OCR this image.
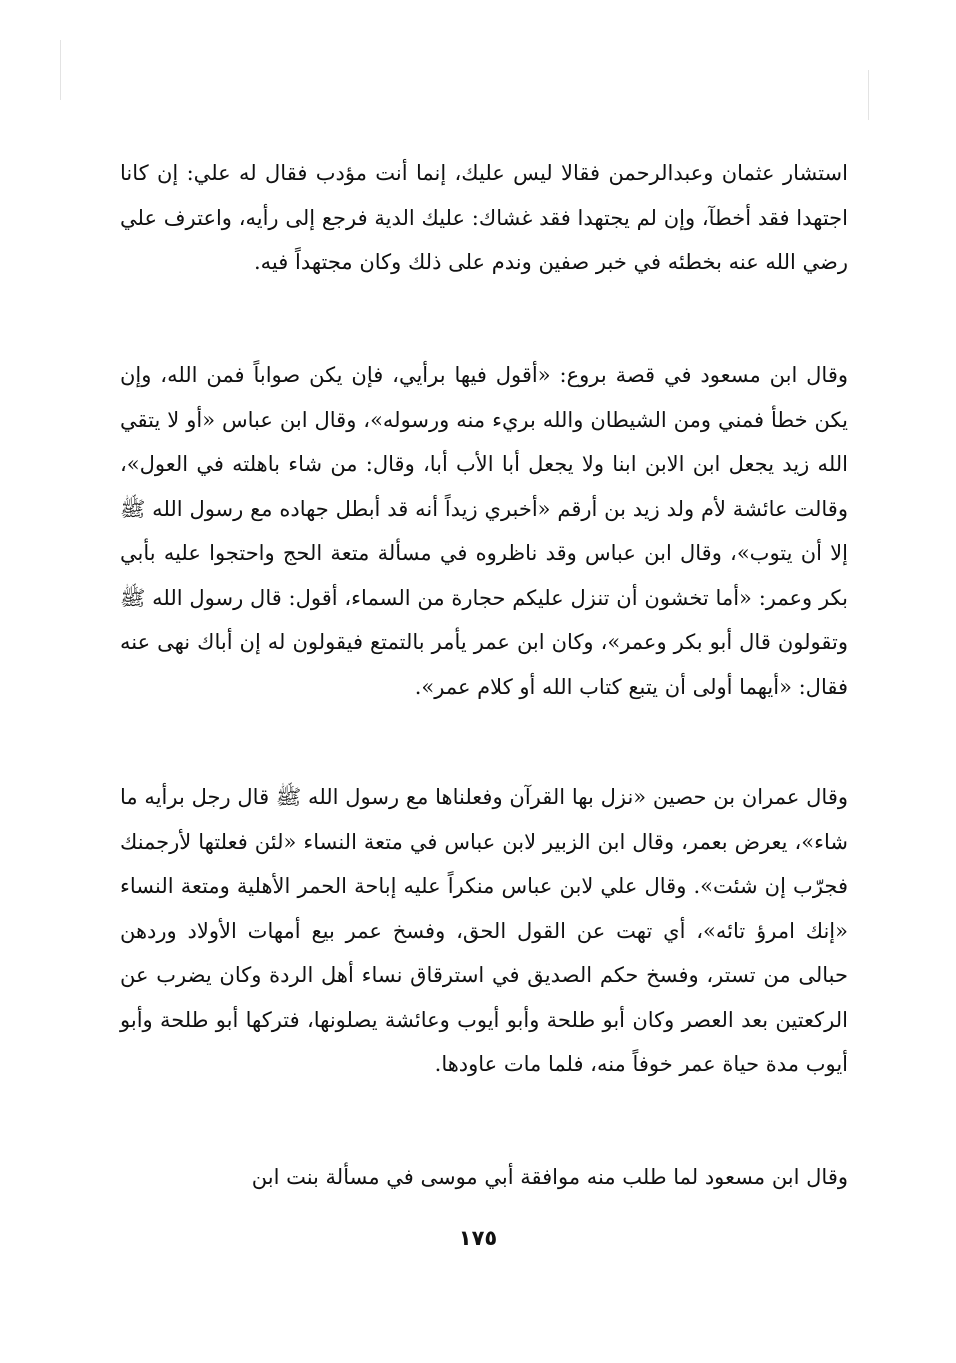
استشار عثمان وعبدالرحمن فقالا ليس عليك، إنما أنت مؤدب فقال له علي: إن كانا اجتهدا فقد أخطآ، وإن لم يجتهدا فقد غشاك: عليك الدية فرجع إلى رأيه، واعترف علي رضي الله عنه بخطئه في خبر صفين وندم على ذلك وكان مجتهداً فيه.

وقال ابن مسعود في قصة بروع: «أقول فيها برأيي، فإن يكن صواباً فمن الله، وإن يكن خطأ فمني ومن الشيطان والله بريء منه ورسوله»، وقال ابن عباس «أو لا يتقي الله زيد يجعل ابن الابن ابنا ولا يجعل أبا الأب أبا، وقال: من شاء باهلته في العول»، وقالت عائشة لأم ولد زيد بن أرقم «أخبري زيداً أنه قد أبطل جهاده مع رسول الله ﷺ إلا أن يتوب»، وقال ابن عباس وقد ناظروه في مسألة متعة الحج واحتجوا عليه بأبي بكر وعمر: «أما تخشون أن تنزل عليكم حجارة من السماء، أقول: قال رسول الله ﷺ وتقولون قال أبو بكر وعمر»، وكان ابن عمر يأمر بالتمتع فيقولون له إن أباك نهى عنه فقال: «أيهما أولى أن يتبع كتاب الله أو كلام عمر».

وقال عمران بن حصين «نزل بها القرآن وفعلناها مع رسول الله ﷺ قال رجل برأيه ما شاء»، يعرض بعمر، وقال ابن الزبير لابن عباس في متعة النساء «لئن فعلتها لأرجمنك فجرّب إن شئت». وقال علي لابن عباس منكراً عليه إباحة الحمر الأهلية ومتعة النساء «إنك امرؤ تائه»، أي تهت عن القول الحق، وفسخ عمر بيع أمهات الأولاد وردهن حبالى من تستر، وفسخ حكم الصديق في استرقاق نساء أهل الردة وكان يضرب عن الركعتين بعد العصر وكان أبو طلحة وأبو أيوب وعائشة يصلونها، فتركها أبو طلحة وأبو أيوب مدة حياة عمر خوفاً منه، فلما مات عاودها.

وقال ابن مسعود لما طلب منه موافقة أبي موسى في مسألة بنت ابن

١٧٥
